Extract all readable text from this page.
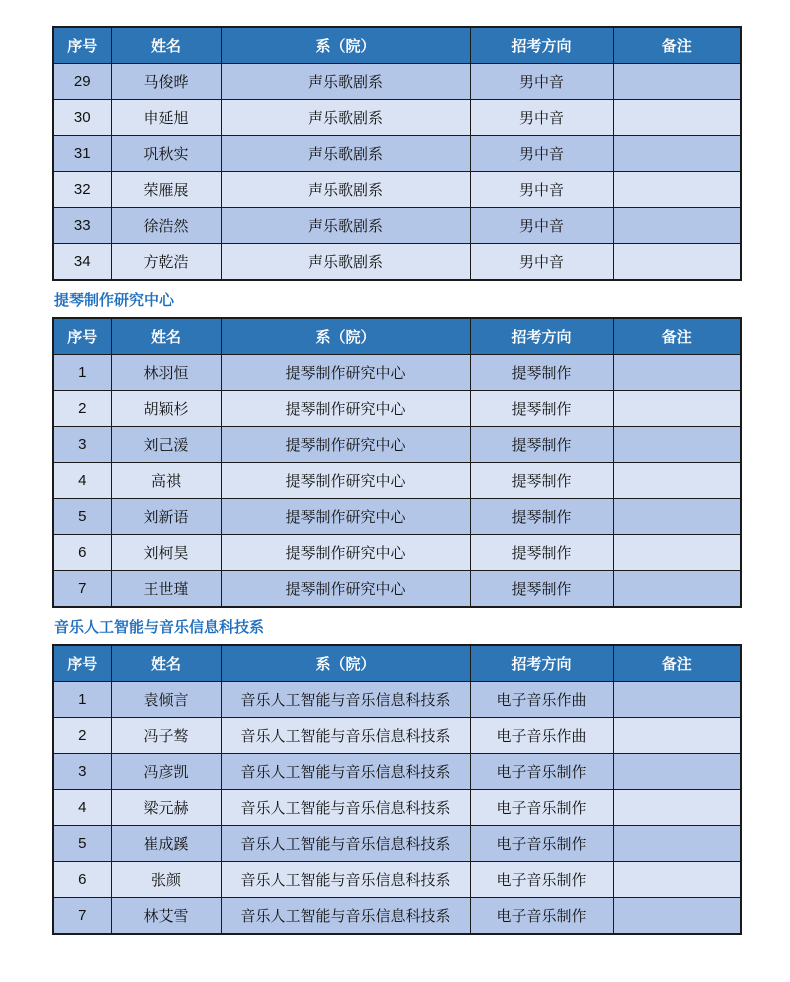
序号	姓名	系（院）	招考方向	备注
29	马俊晔	声乐歌剧系	男中音	
30	申延旭	声乐歌剧系	男中音	
31	巩秋实	声乐歌剧系	男中音	
32	荣雁展	声乐歌剧系	男中音	
33	徐浩然	声乐歌剧系	男中音	
34	方乾浩	声乐歌剧系	男中音	
提琴制作研究中心
序号	姓名	系（院）	招考方向	备注
1	林羽恒	提琴制作研究中心	提琴制作	
2	胡颖杉	提琴制作研究中心	提琴制作	
3	刘己湲	提琴制作研究中心	提琴制作	
4	高祺	提琴制作研究中心	提琴制作	
5	刘新语	提琴制作研究中心	提琴制作	
6	刘柯昊	提琴制作研究中心	提琴制作	
7	王世瑾	提琴制作研究中心	提琴制作	
音乐人工智能与音乐信息科技系
序号	姓名	系（院）	招考方向	备注
1	袁倾言	音乐人工智能与音乐信息科技系	电子音乐作曲	
2	冯子骜	音乐人工智能与音乐信息科技系	电子音乐作曲	
3	冯彦凯	音乐人工智能与音乐信息科技系	电子音乐制作	
4	梁元赫	音乐人工智能与音乐信息科技系	电子音乐制作	
5	崔成蹊	音乐人工智能与音乐信息科技系	电子音乐制作	
6	张颜	音乐人工智能与音乐信息科技系	电子音乐制作	
7	林艾雪	音乐人工智能与音乐信息科技系	电子音乐制作	
